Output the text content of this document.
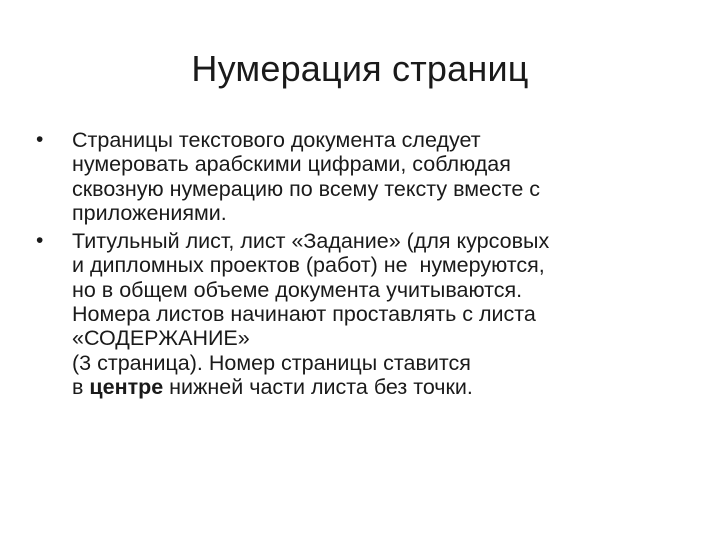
Нумерация страниц
•	Страницы текстового документа следует
нумеровать арабскими цифрами, соблюдая
сквозную нумерацию по всему тексту вместе с
приложениями.
•	Титульный лист, лист «Задание» (для курсовых
и дипломных проектов (работ) не  нумеруются,
но в общем объеме документа учитываются.
Номера листов начинают проставлять с листа
«СОДЕРЖАНИЕ»
(3 страница). Номер страницы ставится
в центре нижней части листа без точки.
